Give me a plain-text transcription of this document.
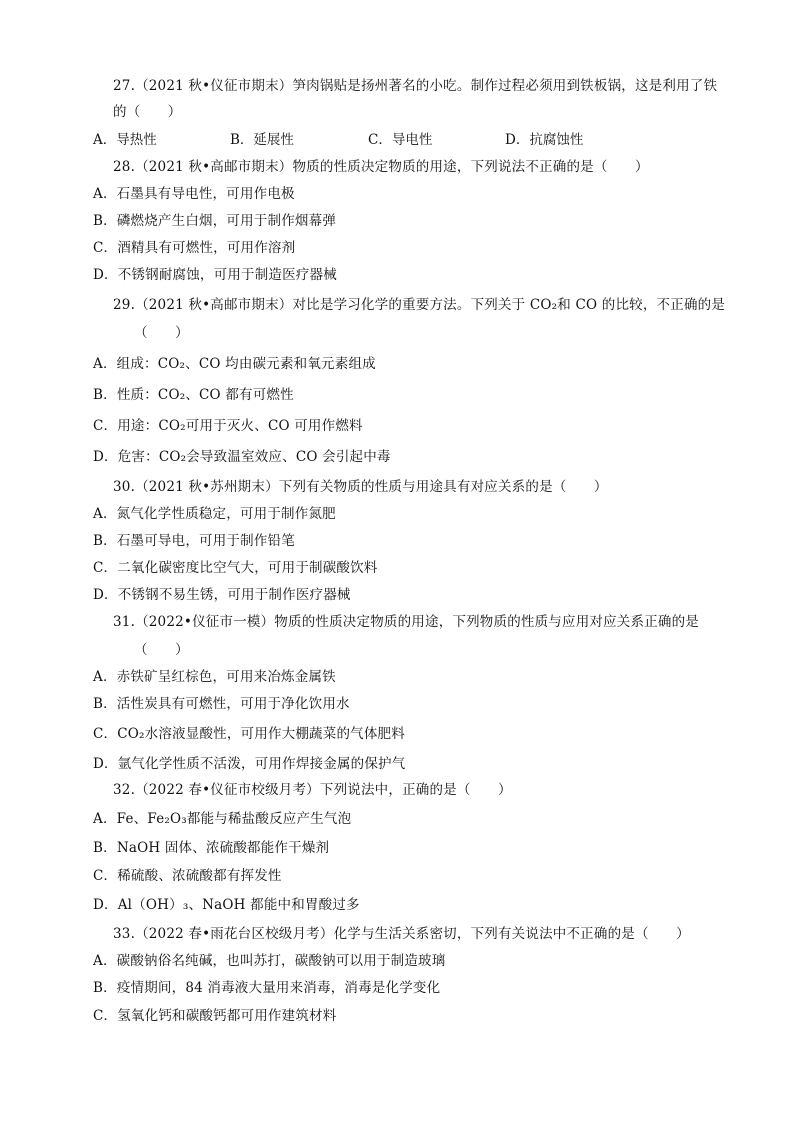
27.（2021 秋•仪征市期末）笋肉锅贴是扬州著名的小吃。制作过程必须用到铁板锅，这是利用了铁
的（　　）
A．导热性	B．延展性	C．导电性	D．抗腐蚀性
28.（2021 秋•高邮市期末）物质的性质决定物质的用途，下列说法不正确的是（　　）
A．石墨具有导电性，可用作电极
B．磷燃烧产生白烟，可用于制作烟幕弹
C．酒精具有可燃性，可用作溶剂
D．不锈钢耐腐蚀，可用于制造医疗器械
29.（2021 秋•高邮市期末）对比是学习化学的重要方法。下列关于 CO₂和 CO 的比较，不正确的是
（　　）
A．组成：CO₂、CO 均由碳元素和氧元素组成
B．性质：CO₂、CO 都有可燃性
C．用途：CO₂可用于灭火、CO 可用作燃料
D．危害：CO₂会导致温室效应、CO 会引起中毒
30.（2021 秋•苏州期末）下列有关物质的性质与用途具有对应关系的是（　　）
A．氮气化学性质稳定，可用于制作氮肥
B．石墨可导电，可用于制作铅笔
C．二氧化碳密度比空气大，可用于制碳酸饮料
D．不锈钢不易生锈，可用于制作医疗器械
31.（2022•仪征市一模）物质的性质决定物质的用途，下列物质的性质与应用对应关系正确的是
（　　）
A．赤铁矿呈红棕色，可用来冶炼金属铁
B．活性炭具有可燃性，可用于净化饮用水
C．CO₂水溶液显酸性，可用作大棚蔬菜的气体肥料
D．氩气化学性质不活泼，可用作焊接金属的保护气
32.（2022 春•仪征市校级月考）下列说法中，正确的是（　　）
A．Fe、Fe₂O₃都能与稀盐酸反应产生气泡
B．NaOH 固体、浓硫酸都能作干燥剂
C．稀硫酸、浓硫酸都有挥发性
D．Al（OH）₃、NaOH 都能中和胃酸过多
33.（2022 春•雨花台区校级月考）化学与生活关系密切，下列有关说法中不正确的是（　　）
A．碳酸钠俗名纯碱，也叫苏打，碳酸钠可以用于制造玻璃
B．疫情期间，84 消毒液大量用来消毒，消毒是化学变化
C．氢氧化钙和碳酸钙都可用作建筑材料
